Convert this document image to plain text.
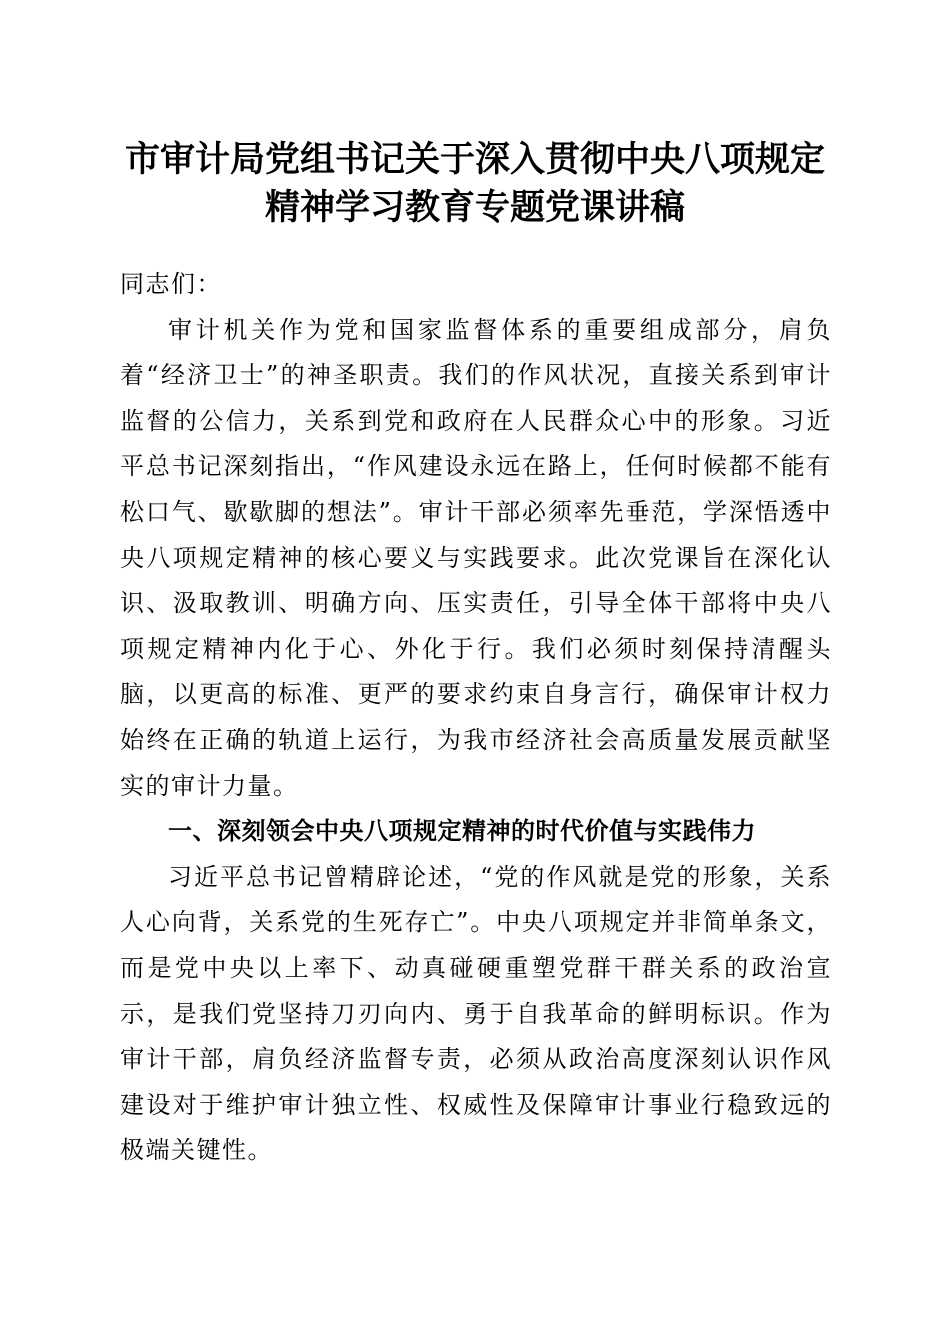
市审计局党组书记关于深入贯彻中央八项规定
精神学习教育专题党课讲稿

同志们：

审计机关作为党和国家监督体系的重要组成部分，肩负着“经济卫士”的神圣职责。我们的作风状况，直接关系到审计监督的公信力，关系到党和政府在人民群众心中的形象。习近平总书记深刻指出，“作风建设永远在路上，任何时候都不能有松口气、歇歇脚的想法”。审计干部必须率先垂范，学深悟透中央八项规定精神的核心要义与实践要求。此次党课旨在深化认识、汲取教训、明确方向、压实责任，引导全体干部将中央八项规定精神内化于心、外化于行。我们必须时刻保持清醒头脑，以更高的标准、更严的要求约束自身言行，确保审计权力始终在正确的轨道上运行，为我市经济社会高质量发展贡献坚实的审计力量。

一、深刻领会中央八项规定精神的时代价值与实践伟力

习近平总书记曾精辟论述，“党的作风就是党的形象，关系人心向背，关系党的生死存亡”。中央八项规定并非简单条文，而是党中央以上率下、动真碰硬重塑党群干群关系的政治宣示，是我们党坚持刀刃向内、勇于自我革命的鲜明标识。作为审计干部，肩负经济监督专责，必须从政治高度深刻认识作风建设对于维护审计独立性、权威性及保障审计事业行稳致远的极端关键性。
